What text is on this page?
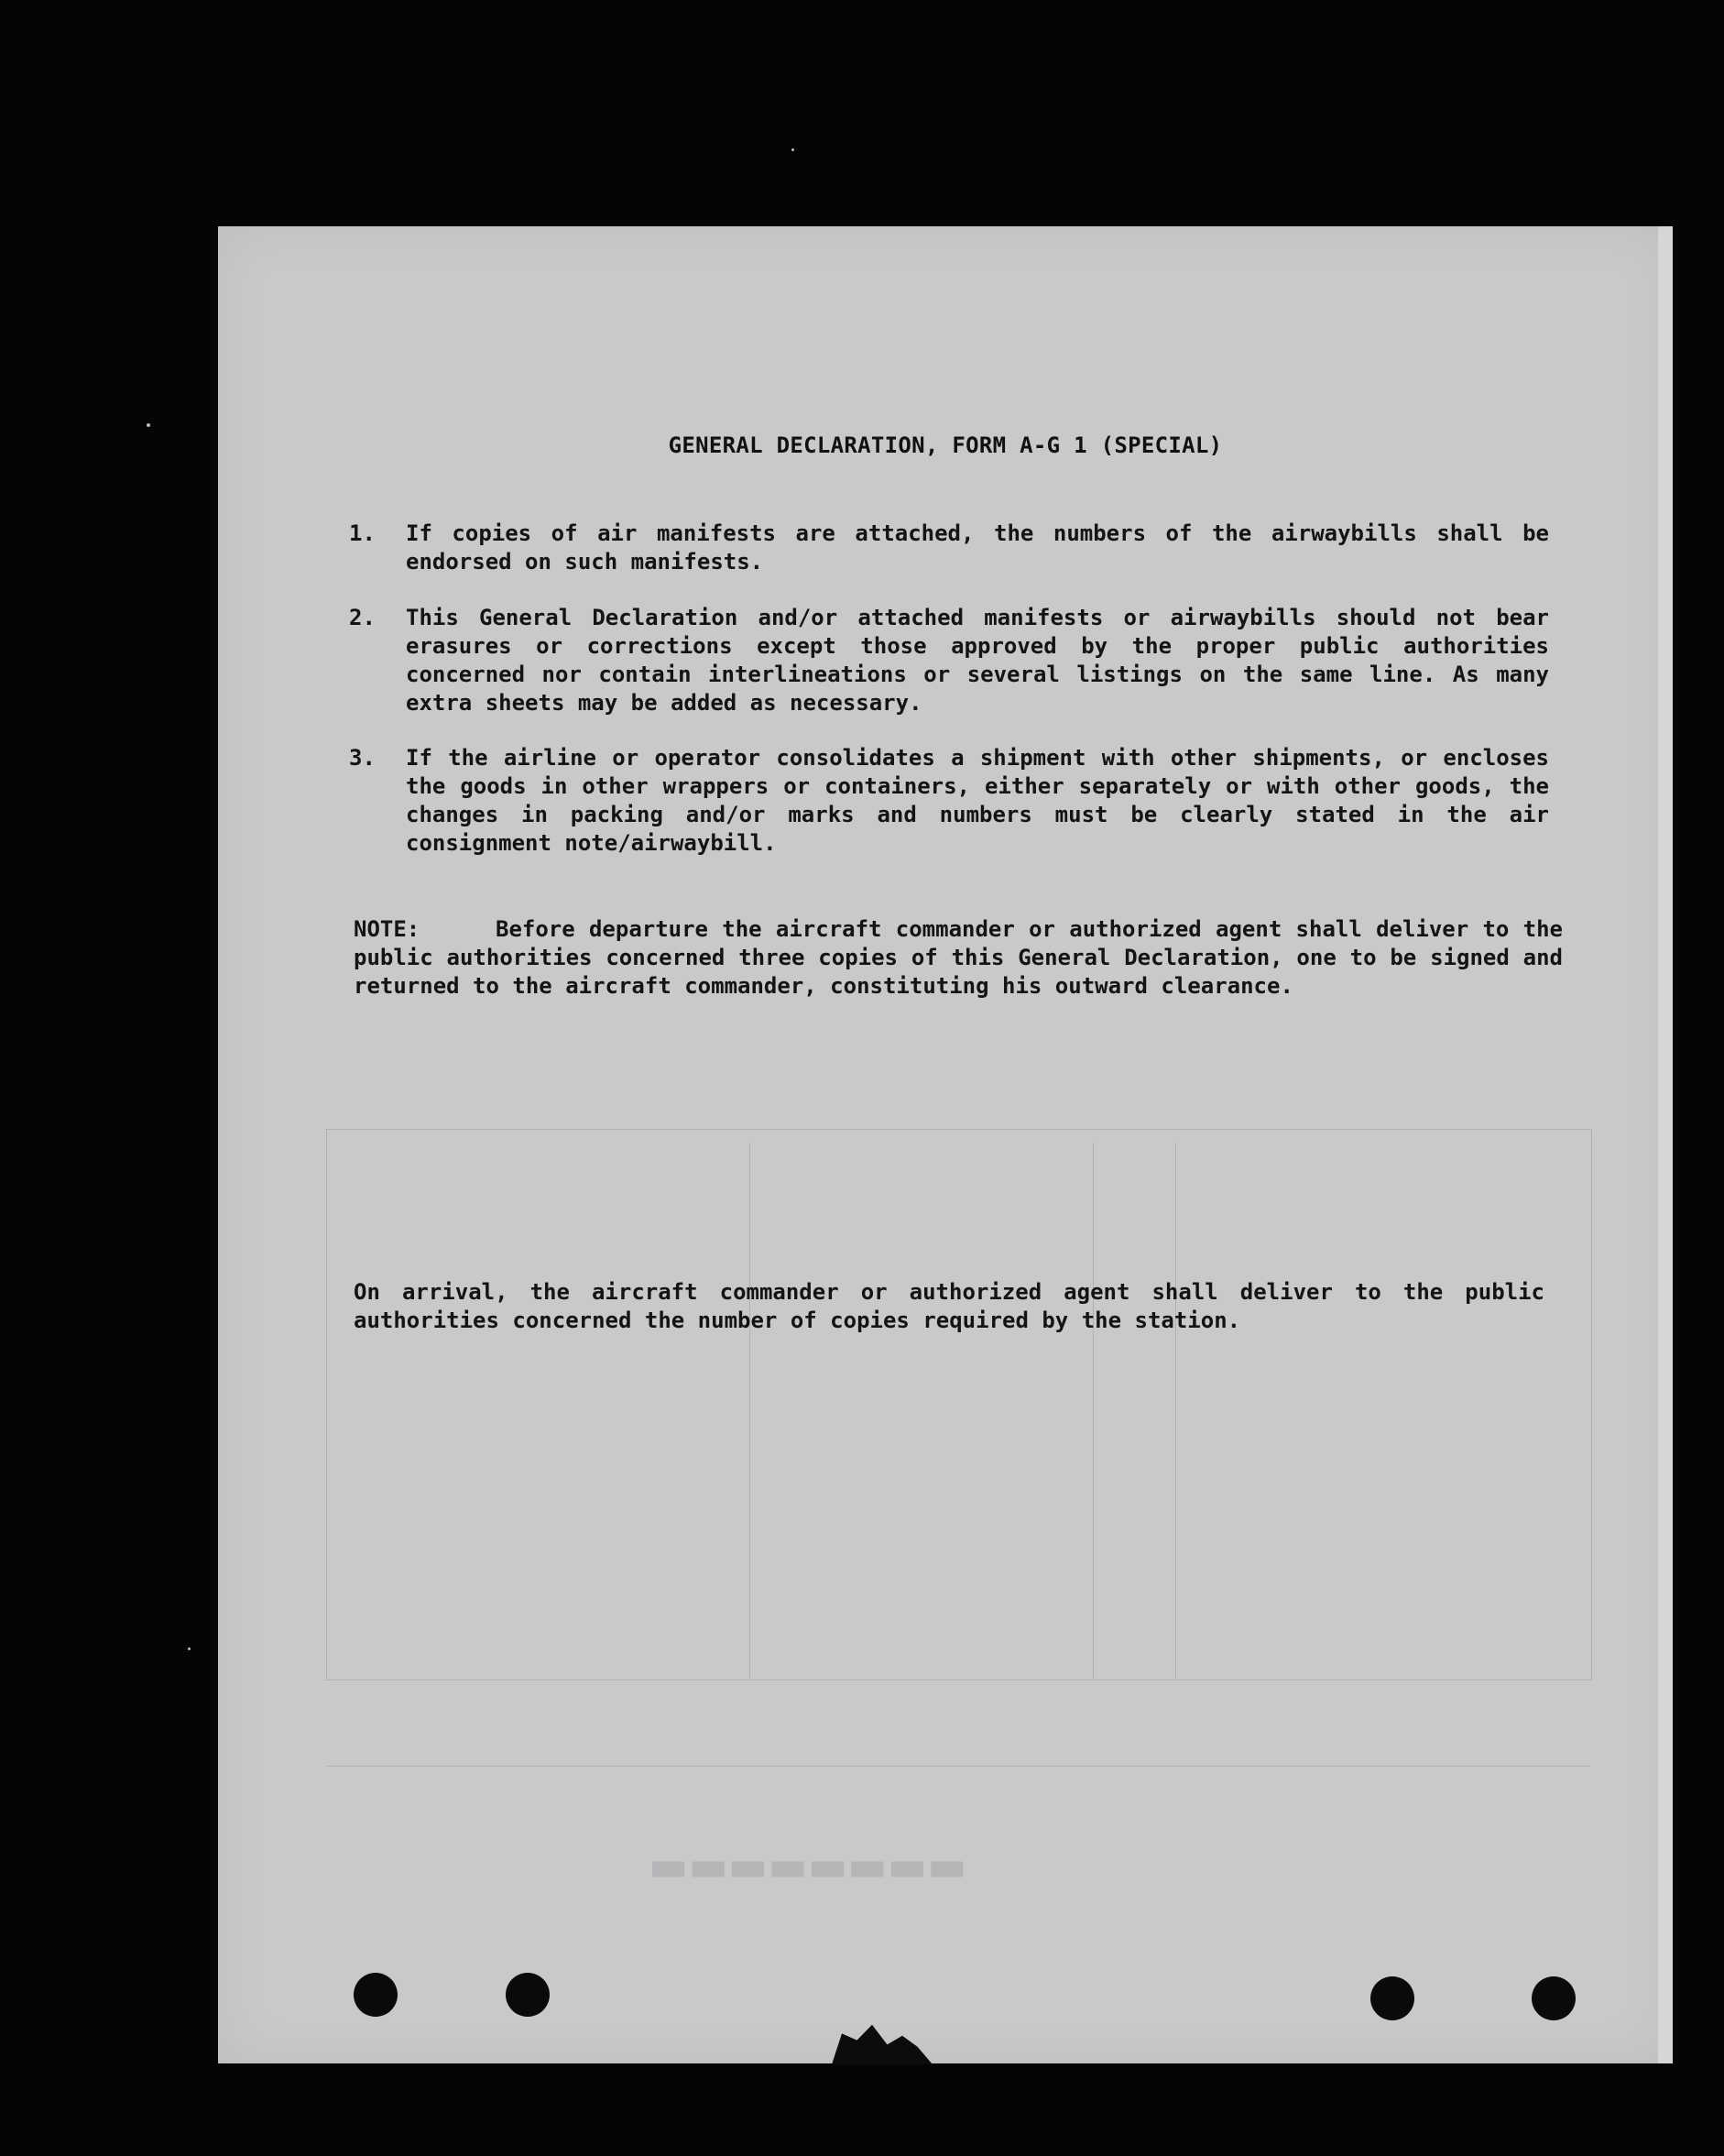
▬▬▬▬▬▬▬▬
GENERAL DECLARATION, FORM A-G 1 (SPECIAL)
1. If copies of air manifests are attached, the numbers of the airwaybills shall be endorsed on such manifests.
2. This General Declaration and/or attached manifests or airwaybills should not bear erasures or corrections except those approved by the proper public authorities concerned nor contain interlineations or several listings on the same line. As many extra sheets may be added as necessary.
3. If the airline or operator consolidates a shipment with other shipments, or encloses the goods in other wrappers or containers, either separately or with other goods, the changes in packing and/or marks and numbers must be clearly stated in the air consignment note/airwaybill.
NOTE:	Before departure the aircraft commander or authorized agent shall deliver to the public authorities concerned three copies of this General Declaration, one to be signed and returned to the aircraft commander, constituting his outward clearance.
On arrival, the aircraft commander or authorized agent shall deliver to the public authorities concerned the number of copies required by the station.
